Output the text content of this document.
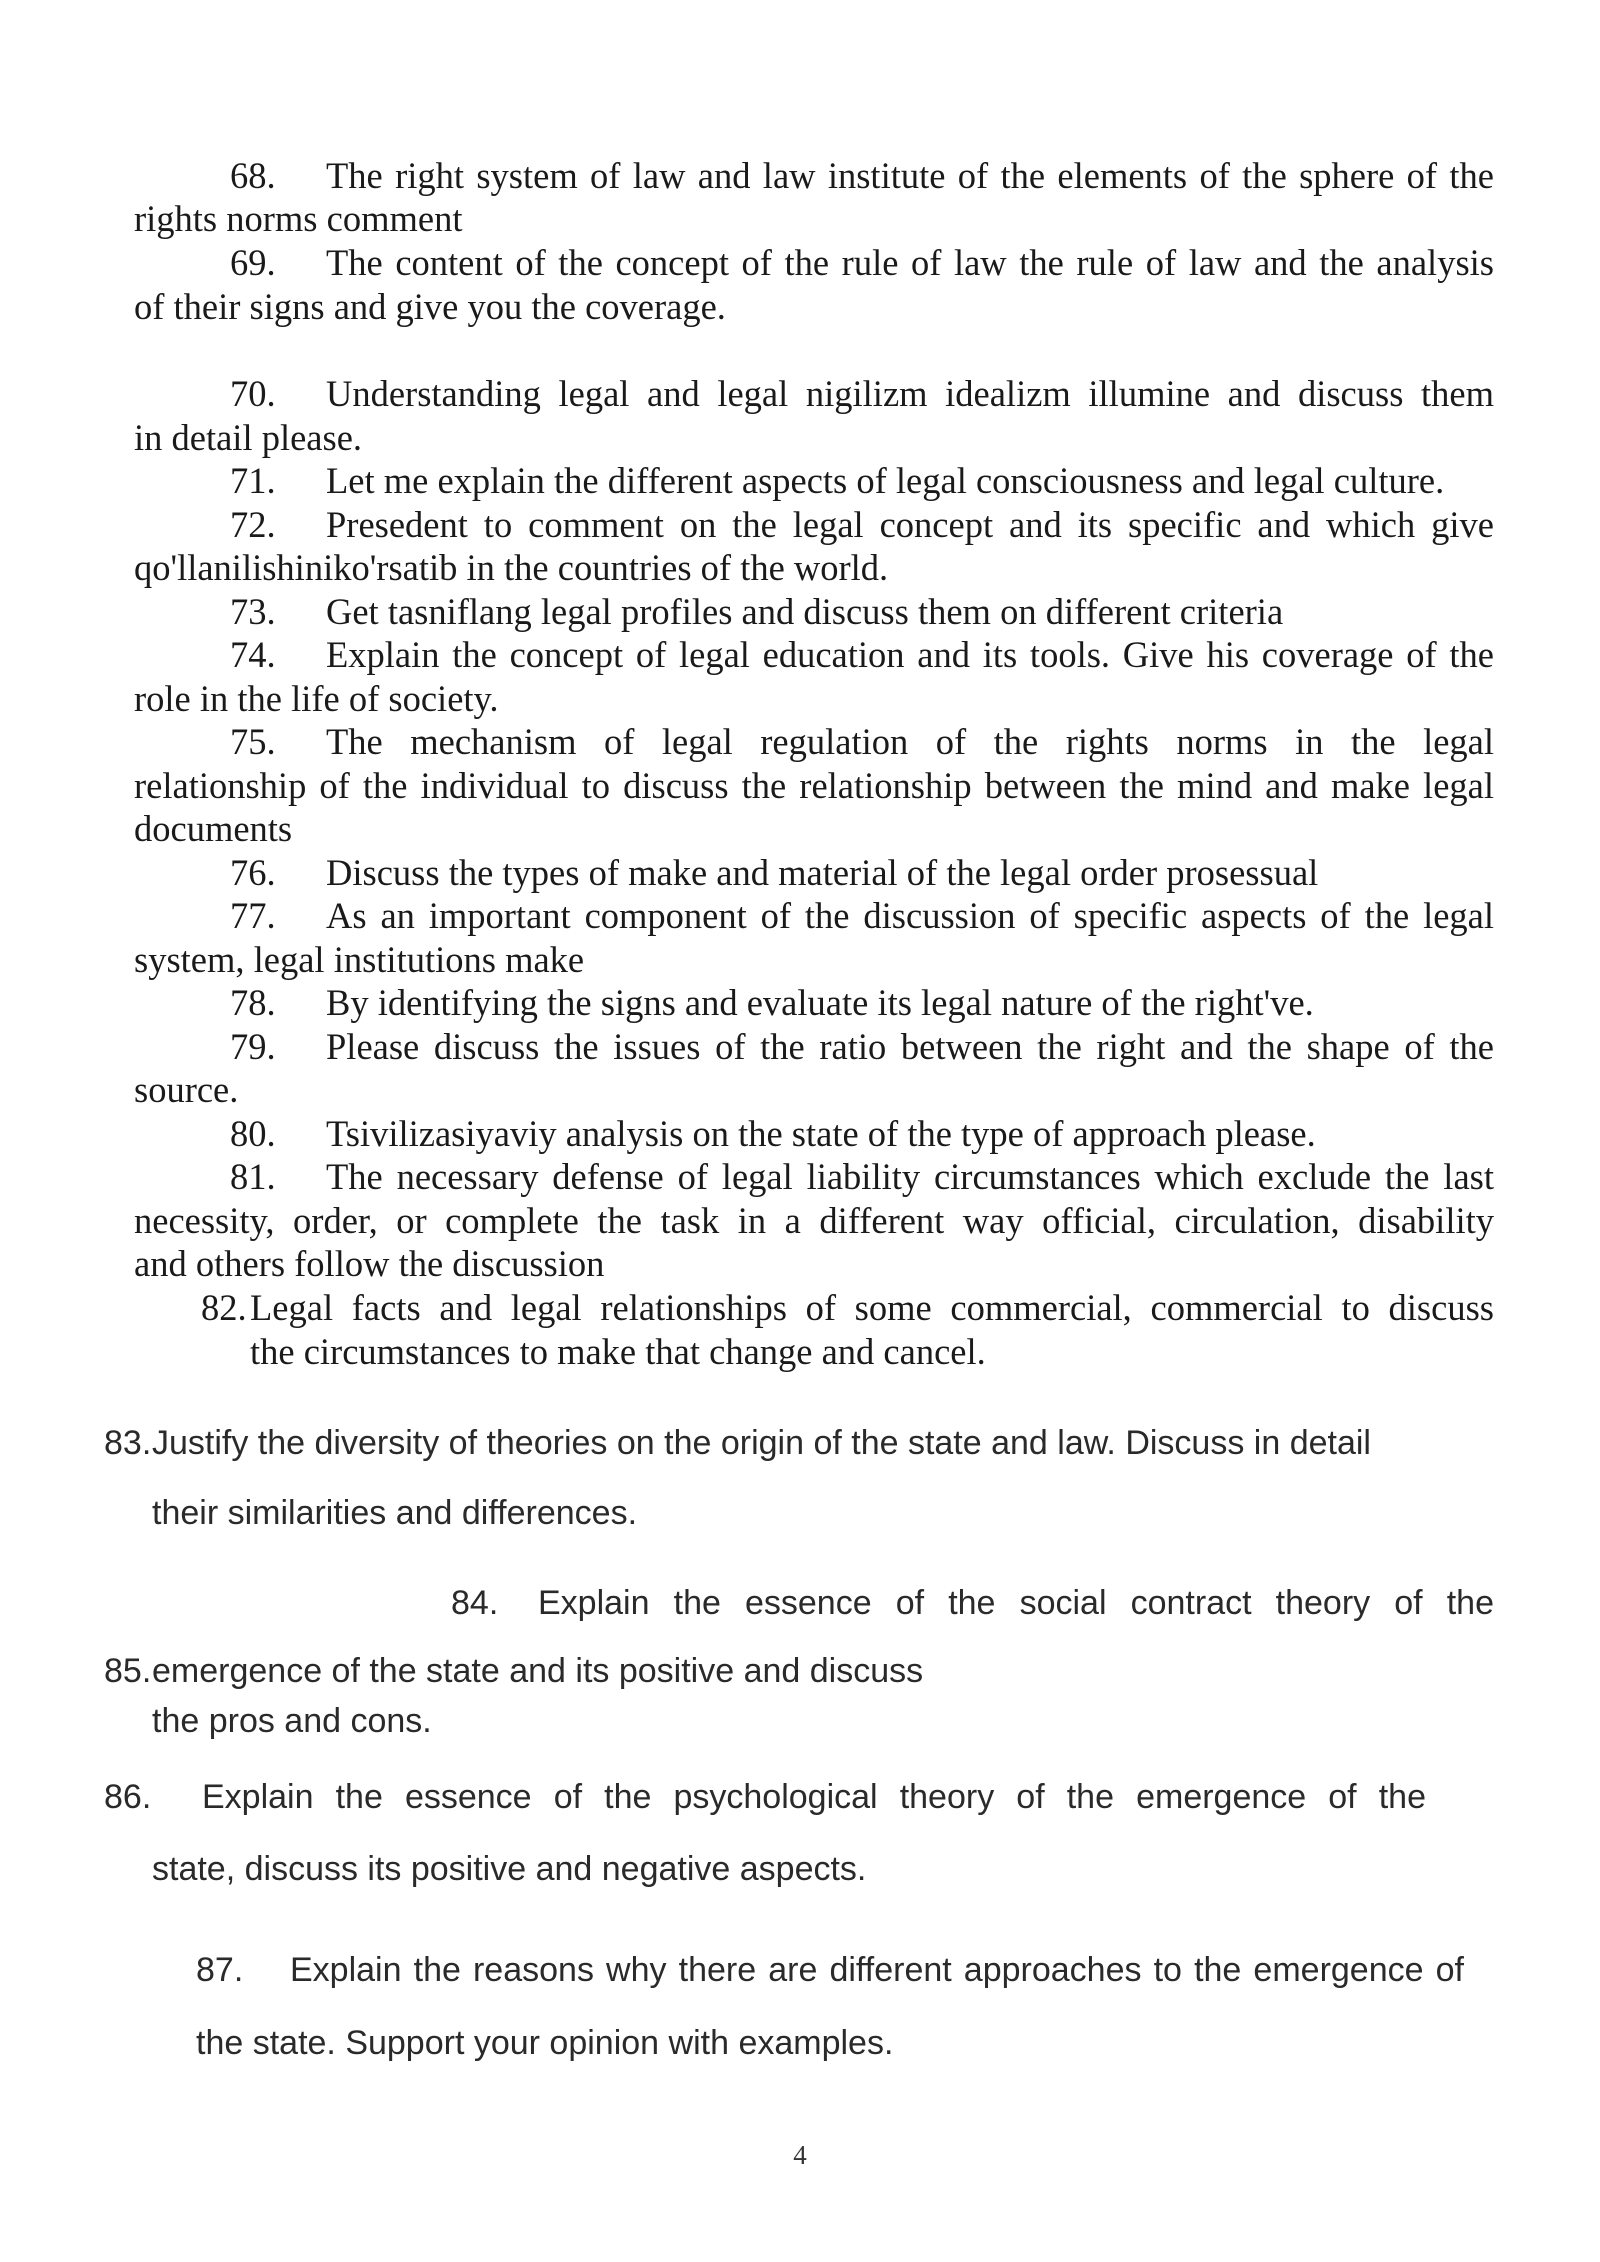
68. The right system of law and law institute of the elements of the sphere of the
rights norms comment
69. The content of the concept of the rule of law the rule of law and the analysis
of their signs and give you the coverage.
70. Understanding legal and legal nigilizm idealizm illumine and discuss them
in detail please.
71. Let me explain the different aspects of legal consciousness and legal culture.
72. Presedent to comment on the legal concept and its specific and which give
qo'llanilishiniko'rsatib in the countries of the world.
73. Get tasniflang legal profiles and discuss them on different criteria
74. Explain the concept of legal education and its tools. Give his coverage of the
role in the life of society.
75. The mechanism of legal regulation of the rights norms in the legal
relationship of the individual to discuss the relationship between the mind and make legal
documents
76. Discuss the types of make and material of the legal order prosessual
77. As an important component of the discussion of specific aspects of the legal
system, legal institutions make
78. By identifying the signs and evaluate its legal nature of the right've.
79. Please discuss the issues of the ratio between the right and the shape of the
source.
80. Tsivilizasiyaviy analysis on the state of the type of approach please.
81. The necessary defense of legal liability circumstances which exclude the last
necessity, order, or complete the task in a different way official, circulation, disability
and others follow the discussion
82. Legal facts and legal relationships of some commercial, commercial to discuss
the circumstances to make that change and cancel.
83. Justify the diversity of theories on the origin of the state and law. Discuss in detail
their similarities and differences.
84. Explain the essence of the social contract theory of the
85. emergence of the state and its positive and discuss
the pros and cons.
86. Explain the essence of the psychological theory of the emergence of the
state, discuss its positive and negative aspects.
87. Explain the reasons why there are different approaches to the emergence of
the state. Support your opinion with examples.
4
